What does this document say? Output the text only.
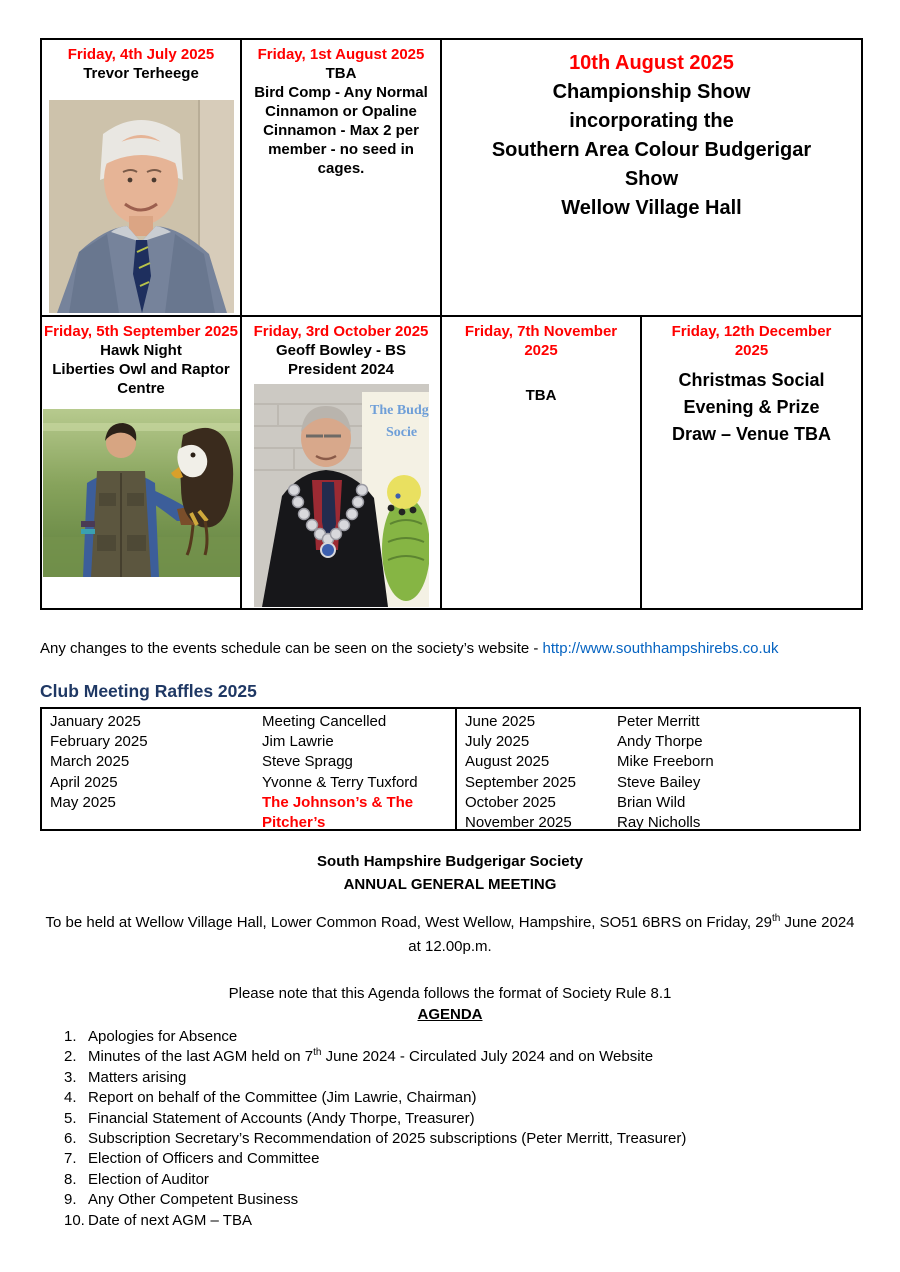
Friday, 4th July 2025
Trevor Terheege

Friday, 1st August 2025
TBA
Bird Comp - Any Normal Cinnamon or Opaline Cinnamon - Max 2 per member - no seed in cages.

10th August 2025
Championship Show
incorporating the
Southern Area Colour Budgerigar
Show
Wellow Village Hall

Friday, 5th September 2025
Hawk Night
Liberties Owl and Raptor Centre

Friday, 3rd October 2025
Geoff Bowley - BS President 2024
The Budg
Socie

Friday, 7th November 2025
TBA

Friday, 12th December 2025
Christmas Social
Evening & Prize
Draw – Venue TBA
Any changes to the events schedule can be seen on the society’s website - http://www.southhampshirebs.co.uk
Club Meeting Raffles 2025
January 2025	Meeting Cancelled
February 2025	Jim Lawrie
March 2025	Steve Spragg
April 2025	Yvonne & Terry Tuxford
May 2025	The Johnson’s & The Pitcher’s
June 2025	Peter Merritt
July 2025	Andy Thorpe
August 2025	Mike Freeborn
September 2025	Steve Bailey
October 2025	Brian Wild
November 2025	Ray Nicholls
South Hampshire Budgerigar Society
ANNUAL GENERAL MEETING
To be held at Wellow Village Hall, Lower Common Road, West Wellow, Hampshire, SO51 6BRS on Friday, 29th June 2024
at 12.00p.m.
Please note that this Agenda follows the format of Society Rule 8.1
AGENDA
1. Apologies for Absence
2. Minutes of the last AGM held on 7th June 2024 - Circulated July 2024 and on Website
3. Matters arising
4. Report on behalf of the Committee (Jim Lawrie, Chairman)
5. Financial Statement of Accounts (Andy Thorpe, Treasurer)
6. Subscription Secretary’s Recommendation of 2025 subscriptions (Peter Merritt, Treasurer)
7. Election of Officers and Committee
8. Election of Auditor
9. Any Other Competent Business
10. Date of next AGM – TBA
